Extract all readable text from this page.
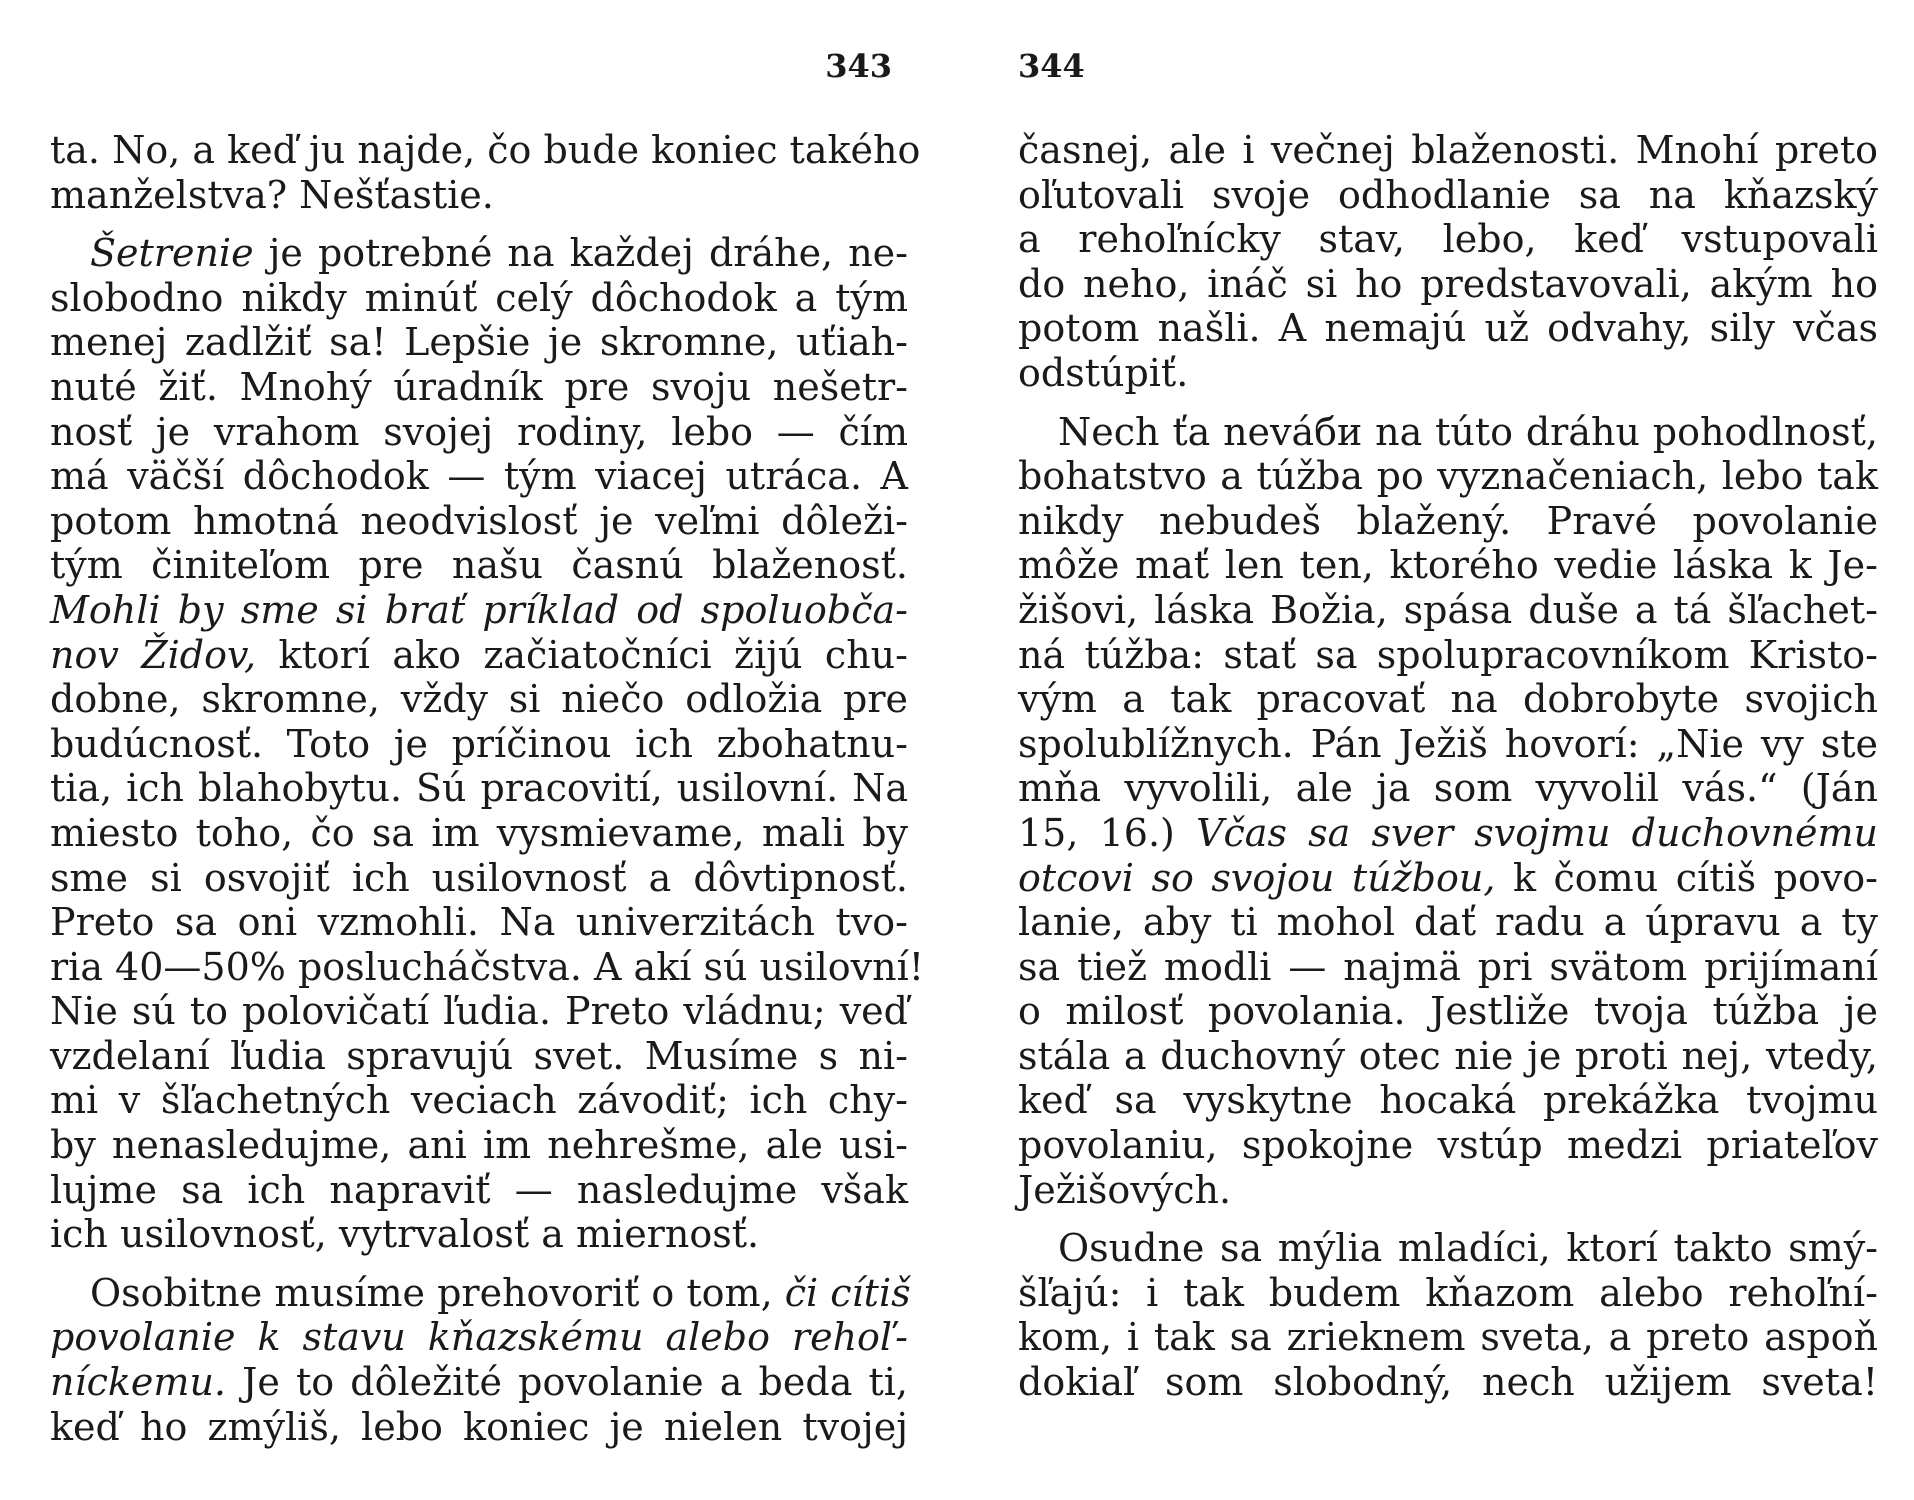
343
ta. No, a keď ju najde, čo bude koniec takého
manželstva? Nešťastie.
Šetrenie je potrebné na každej dráhe, ne-
slobodno nikdy minúť celý dôchodok a tým
menej zadlžiť sa! Lepšie je skromne, uťiah-
nuté žiť. Mnohý úradník pre svoju nešetr-
nosť je vrahom svojej rodiny, lebo — čím
má väčší dôchodok — tým viacej utráca. A
potom hmotná neodvislosť je veľmi dôleži-
tým činiteľom pre našu časnú blaženosť.
Mohli by sme si brať príklad od spoluobča-
nov Židov, ktorí ako začiatočníci žijú chu-
dobne, skromne, vždy si niečo odložia pre
budúcnosť. Toto je príčinou ich zbohatnu-
tia, ich blahobytu. Sú pracovití, usilovní. Na
miesto toho, čo sa im vysmievame, mali by
sme si osvojiť ich usilovnosť a dôvtipnosť.
Preto sa oni vzmohli. Na univerzitách tvo-
ria 40—50% poslucháčstva. A akí sú usilovní!
Nie sú to polovičatí ľudia. Preto vládnu; veď
vzdelaní ľudia spravujú svet. Musíme s ni-
mi v šľachetných veciach závodiť; ich chy-
by nenasledujme, ani im nehrešme, ale usi-
lujme sa ich napraviť — nasledujme však
ich usilovnosť, vytrvalosť a miernosť.
Osobitne musíme prehovoriť o tom, či cítiš
povolanie k stavu kňazskému alebo rehoľ-
níckemu. Je to dôležité povolanie a beda ti,
keď ho zmýliš, lebo koniec je nielen tvojej
344
časnej, ale i večnej blaženosti. Mnohí preto
oľutovali svoje odhodlanie sa na kňazský
a rehoľnícky stav, lebo, keď vstupovali
do neho, ináč si ho predstavovali, akým ho
potom našli. A nemajú už odvahy, sily včas
odstúpiť.
Nech ťa neváби na túto dráhu pohodlnosť,
bohatstvo a túžba po vyznačeniach, lebo tak
nikdy nebudeš blažený. Pravé povolanie
môže mať len ten, ktorého vedie láska k Je-
žišovi, láska Božia, spása duše a tá šľachet-
ná túžba: stať sa spolupracovníkom Kristo-
vým a tak pracovať na dobrobyte svojich
spolublížnych. Pán Ježiš hovorí: „Nie vy ste
mňa vyvolili, ale ja som vyvolil vás.“ (Ján
15, 16.) Včas sa sver svojmu duchovnému
otcovi so svojou túžbou, k čomu cítiš povo-
lanie, aby ti mohol dať radu a úpravu a ty
sa tiež modli — najmä pri svätom prijímaní
o milosť povolania. Jestliže tvoja túžba je
stála a duchovný otec nie je proti nej, vtedy,
keď sa vyskytne hocaká prekážka tvojmu
povolaniu, spokojne vstúp medzi priateľov
Ježišových.
Osudne sa mýlia mladíci, ktorí takto smý-
šľajú: i tak budem kňazom alebo rehoľní-
kom, i tak sa zrieknem sveta, a preto aspoň
dokiaľ som slobodný, nech užijem sveta!
